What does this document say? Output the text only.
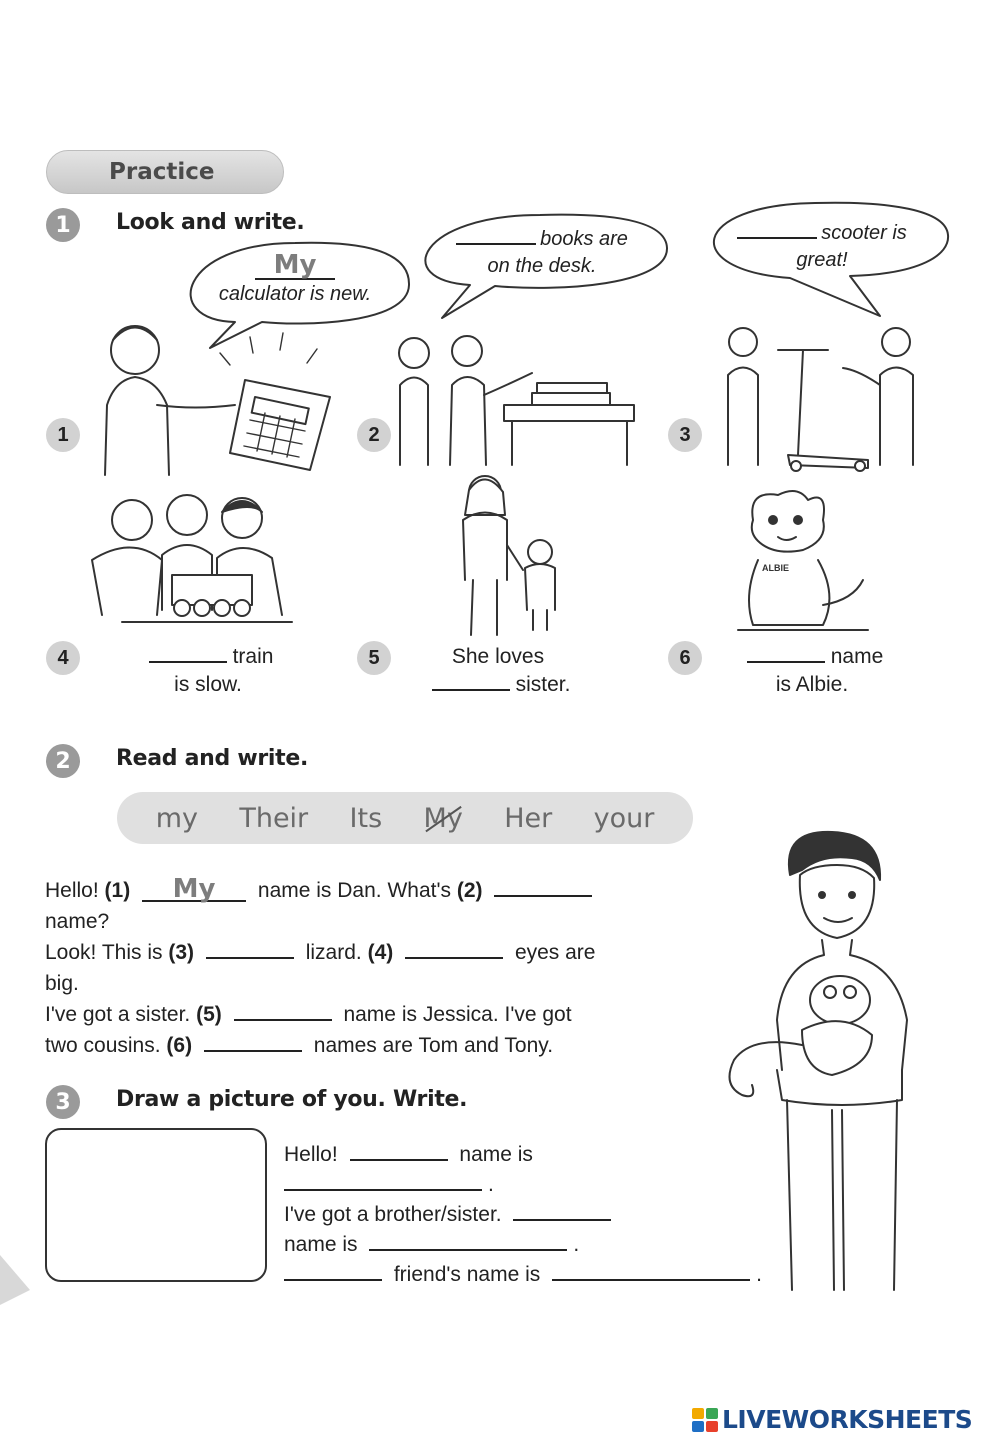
Practice
1	Look and write.
My
calculator is new.
books are
on the desk.
scooter is
great!
1	2	3
4	train
is slow.
5	She loves
sister.
ALBIE
6	name
is Albie.
2	Read and write.
my Their Its My Her your
Hello! (1) My name is Dan. What's (2)
name?
Look! This is (3)	lizard. (4)	eyes are
big.
I've got a sister. (5)	name is Jessica. I've got
two cousins. (6)	names are Tom and Tony.
3	Draw a picture of you. Write.
Hello!	name is
.
I've got a brother/sister.
name is	.
friend's name is	.
LIVEWORKSHEETS
